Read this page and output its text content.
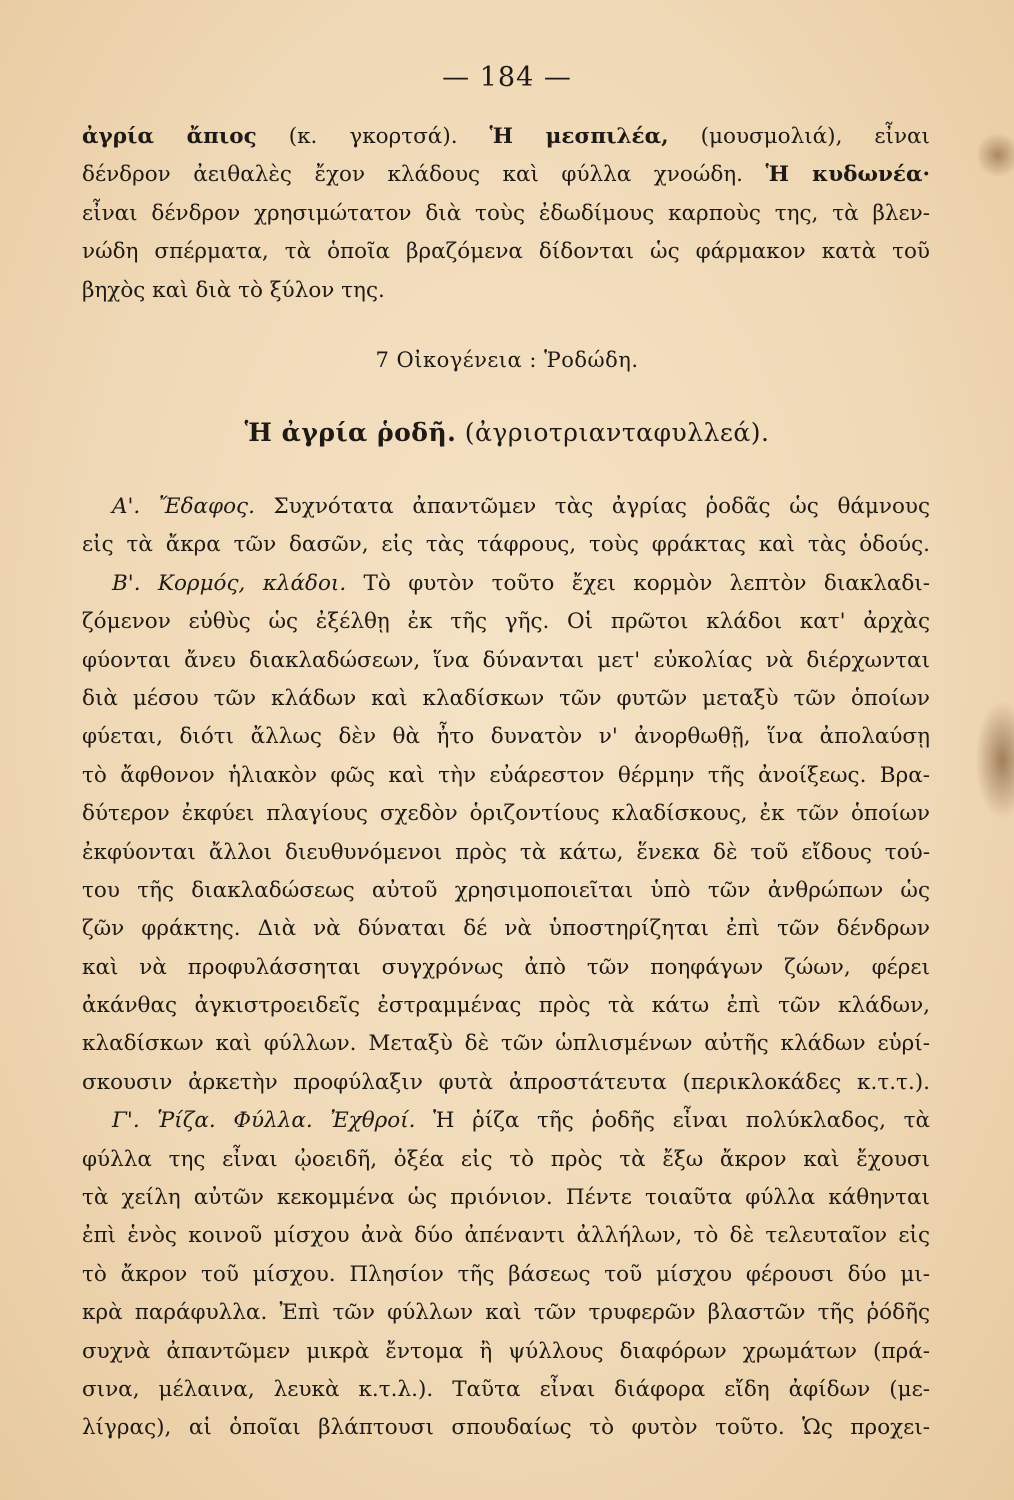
— 184 —
ἀγρία ἄπιος (κ. γκορτσά). Ἡ μεσπιλέα, (μουσμολιά), εἶναι
δένδρον ἀειθαλὲς ἔχον κλάδους καὶ φύλλα χνοώδη. Ἡ κυδωνέα·
εἶναι δένδρον χρησιμώτατον διὰ τοὺς ἐδωδίμους καρποὺς της, τὰ βλεν-
νώδη σπέρματα, τὰ ὁποῖα βραζόμενα δίδονται ὡς φάρμακον κατὰ τοῦ
βηχὸς καὶ διὰ τὸ ξύλον της.
7 Οἰκογένεια : Ῥοδώδη.
Ἡ ἀγρία ῥοδῆ. (ἀγριοτριανταφυλλεά).
Α'. Ἔδαφος. Συχνότατα ἀπαντῶμεν τὰς ἀγρίας ῥοδᾶς ὡς θάμνους
εἰς τὰ ἄκρα τῶν δασῶν, εἰς τὰς τάφρους, τοὺς φράκτας καὶ τὰς ὁδούς.
Β'. Κορμός, κλάδοι. Τὸ φυτὸν τοῦτο ἔχει κορμὸν λεπτὸν διακλαδι-
ζόμενον εὐθὺς ὡς ἐξέλθῃ ἐκ τῆς γῆς. Οἱ πρῶτοι κλάδοι κατ' ἀρχὰς
φύονται ἄνευ διακλαδώσεων, ἵνα δύνανται μετ' εὐκολίας νὰ διέρχωνται
διὰ μέσου τῶν κλάδων καὶ κλαδίσκων τῶν φυτῶν μεταξὺ τῶν ὁποίων
φύεται, διότι ἄλλως δὲν θὰ ἦτο δυνατὸν ν' ἀνορθωθῇ, ἵνα ἀπολαύσῃ
τὸ ἄφθονον ἡλιακὸν φῶς καὶ τὴν εὐάρεστον θέρμην τῆς ἀνοίξεως. Βρα-
δύτερον ἐκφύει πλαγίους σχεδὸν ὁριζοντίους κλαδίσκους, ἐκ τῶν ὁποίων
ἐκφύονται ἄλλοι διευθυνόμενοι πρὸς τὰ κάτω, ἕνεκα δὲ τοῦ εἴδους τού-
του τῆς διακλαδώσεως αὐτοῦ χρησιμοποιεῖται ὑπὸ τῶν ἀνθρώπων ὡς
ζῶν φράκτης. Διὰ νὰ δύναται δέ νὰ ὑποστηρίζηται ἐπὶ τῶν δένδρων
καὶ νὰ προφυλάσσηται συγχρόνως ἀπὸ τῶν ποηφάγων ζώων, φέρει
ἀκάνθας ἀγκιστροειδεῖς ἐστραμμένας πρὸς τὰ κάτω ἐπὶ τῶν κλάδων,
κλαδίσκων καὶ φύλλων. Μεταξὺ δὲ τῶν ὡπλισμένων αὐτῆς κλάδων εὑρί-
σκουσιν ἀρκετὴν προφύλαξιν φυτὰ ἀπροστάτευτα (περικλοκάδες κ.τ.τ.).
Γ'. Ῥίζα. Φύλλα. Ἐχθροί. Ἡ ῥίζα τῆς ῥοδῆς εἶναι πολύκλαδος, τὰ
φύλλα της εἶναι ᾠοειδῆ, ὀξέα εἰς τὸ πρὸς τὰ ἔξω ἄκρον καὶ ἔχουσι
τὰ χείλη αὐτῶν κεκομμένα ὡς πριόνιον. Πέντε τοιαῦτα φύλλα κάθηνται
ἐπὶ ἑνὸς κοινοῦ μίσχου ἀνὰ δύο ἀπέναντι ἀλλήλων, τὸ δὲ τελευταῖον εἰς
τὸ ἄκρον τοῦ μίσχου. Πλησίον τῆς βάσεως τοῦ μίσχου φέρουσι δύο μι-
κρὰ παράφυλλα. Ἐπὶ τῶν φύλλων καὶ τῶν τρυφερῶν βλαστῶν τῆς ῥόδῆς
συχνὰ ἀπαντῶμεν μικρὰ ἔντομα ἢ ψύλλους διαφόρων χρωμάτων (πρά-
σινα, μέλαινα, λευκὰ κ.τ.λ.). Ταῦτα εἶναι διάφορα εἴδη ἀφίδων (με-
λίγρας), αἱ ὁποῖαι βλάπτουσι σπουδαίως τὸ φυτὸν τοῦτο. Ὡς προχει-
